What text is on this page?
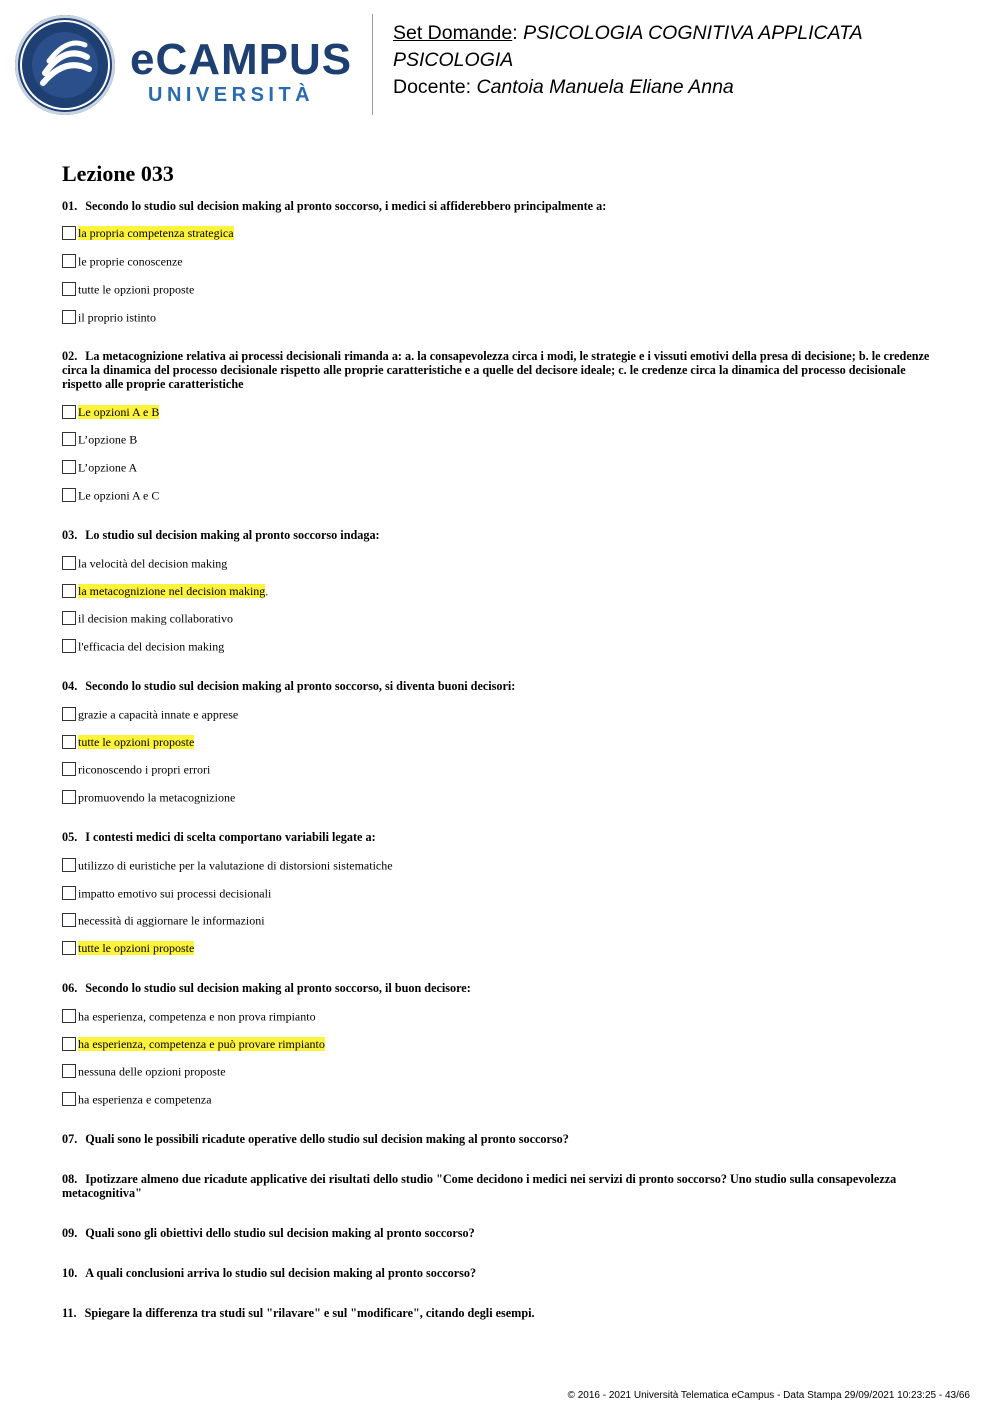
eCAMPUS
UNIVERSITÀ
Set Domande: PSICOLOGIA COGNITIVA APPLICATA
PSICOLOGIA
Docente: Cantoia Manuela Eliane Anna
Lezione 033
01. Secondo lo studio sul decision making al pronto soccorso, i medici si affiderebbero principalmente a:
la propria competenza strategica
le proprie conoscenze
tutte le opzioni proposte
il proprio istinto
02. La metacognizione relativa ai processi decisionali rimanda a: a. la consapevolezza circa i modi, le strategie e i vissuti emotivi della presa di decisione; b. le credenze circa la dinamica del processo decisionale rispetto alle proprie caratteristiche e a quelle del decisore ideale; c. le credenze circa la dinamica del processo decisionale rispetto alle proprie caratteristiche
Le opzioni A e B
L’opzione B
L’opzione A
Le opzioni A e C
03. Lo studio sul decision making al pronto soccorso indaga:
la velocità del decision making
la metacognizione nel decision making.
il decision making collaborativo
l'efficacia del decision making
04. Secondo lo studio sul decision making al pronto soccorso, si diventa buoni decisori:
grazie a capacità innate e apprese
tutte le opzioni proposte
riconoscendo i propri errori
promuovendo la metacognizione
05. I contesti medici di scelta comportano variabili legate a:
utilizzo di euristiche per la valutazione di distorsioni sistematiche
impatto emotivo sui processi decisionali
necessità di aggiornare le informazioni
tutte le opzioni proposte
06. Secondo lo studio sul decision making al pronto soccorso, il buon decisore:
ha esperienza, competenza e non prova rimpianto
ha esperienza, competenza e può provare rimpianto
nessuna delle opzioni proposte
ha esperienza e competenza
07. Quali sono le possibili ricadute operative dello studio sul decision making al pronto soccorso?
08. Ipotizzare almeno due ricadute applicative dei risultati dello studio "Come decidono i medici nei servizi di pronto soccorso? Uno studio sulla consapevolezza metacognitiva"
09. Quali sono gli obiettivi dello studio sul decision making al pronto soccorso?
10. A quali conclusioni arriva lo studio sul decision making al pronto soccorso?
11. Spiegare la differenza tra studi sul "rilavare" e sul "modificare", citando degli esempi.
© 2016 - 2021 Università Telematica eCampus - Data Stampa 29/09/2021 10:23:25 - 43/66
